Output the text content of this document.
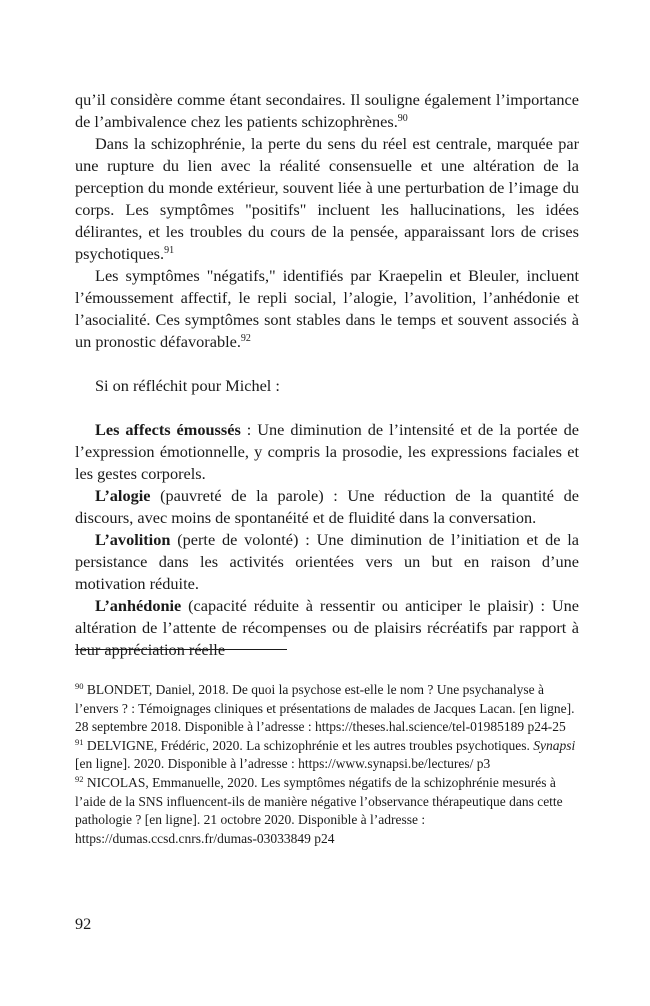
qu’il considère comme étant secondaires. Il souligne également l’importance de l’ambivalence chez les patients schizophrènes.$^{90}$

Dans la schizophrénie, la perte du sens du réel est centrale, marquée par une rupture du lien avec la réalité consensuelle et une altération de la perception du monde extérieur, souvent liée à une perturbation de l’image du corps. Les symptômes "positifs" incluent les hallucinations, les idées délirantes, et les troubles du cours de la pensée, apparaissant lors de crises psychotiques.$^{91}$

Les symptômes "négatifs," identifiés par Kraepelin et Bleuler, incluent l’émoussement affectif, le repli social, l’alogie, l’avolition, l’anhédonie et l’asocialité. Ces symptômes sont stables dans le temps et souvent associés à un pronostic défavorable.$^{92}$

Si on réfléchit pour Michel :

Les affects émoussés : Une diminution de l’intensité et de la portée de l’expression émotionnelle, y compris la prosodie, les expressions faciales et les gestes corporels.

L’alogie (pauvreté de la parole) : Une réduction de la quantité de discours, avec moins de spontanéité et de fluidité dans la conversation.

L’avolition (perte de volonté) : Une diminution de l’initiation et de la persistance dans les activités orientées vers un but en raison d’une motivation réduite.

L’anhédonie (capacité réduite à ressentir ou anticiper le plaisir) : Une altération de l’attente de récompenses ou de plaisirs récréatifs par rapport à leur appréciation réelle

$^{90}$ BLONDET, Daniel, 2018. De quoi la psychose est-elle le nom ? Une psychanalyse à l’envers ? : Témoignages cliniques et présentations de malades de Jacques Lacan. [en ligne]. 28 septembre 2018. Disponible à l’adresse : https://theses.hal.science/tel-01985189 p24-25

$^{91}$ DELVIGNE, Frédéric, 2020. La schizophrénie et les autres troubles psychotiques. Synapsi [en ligne]. 2020. Disponible à l’adresse : https://www.synapsi.be/lectures/ p3

$^{92}$ NICOLAS, Emmanuelle, 2020. Les symptômes négatifs de la schizophrénie mesurés à l’aide de la SNS influencent-ils de manière négative l’observance thérapeutique dans cette pathologie ? [en ligne]. 21 octobre 2020. Disponible à l’adresse : https://dumas.ccsd.cnrs.fr/dumas-03033849 p24

92
